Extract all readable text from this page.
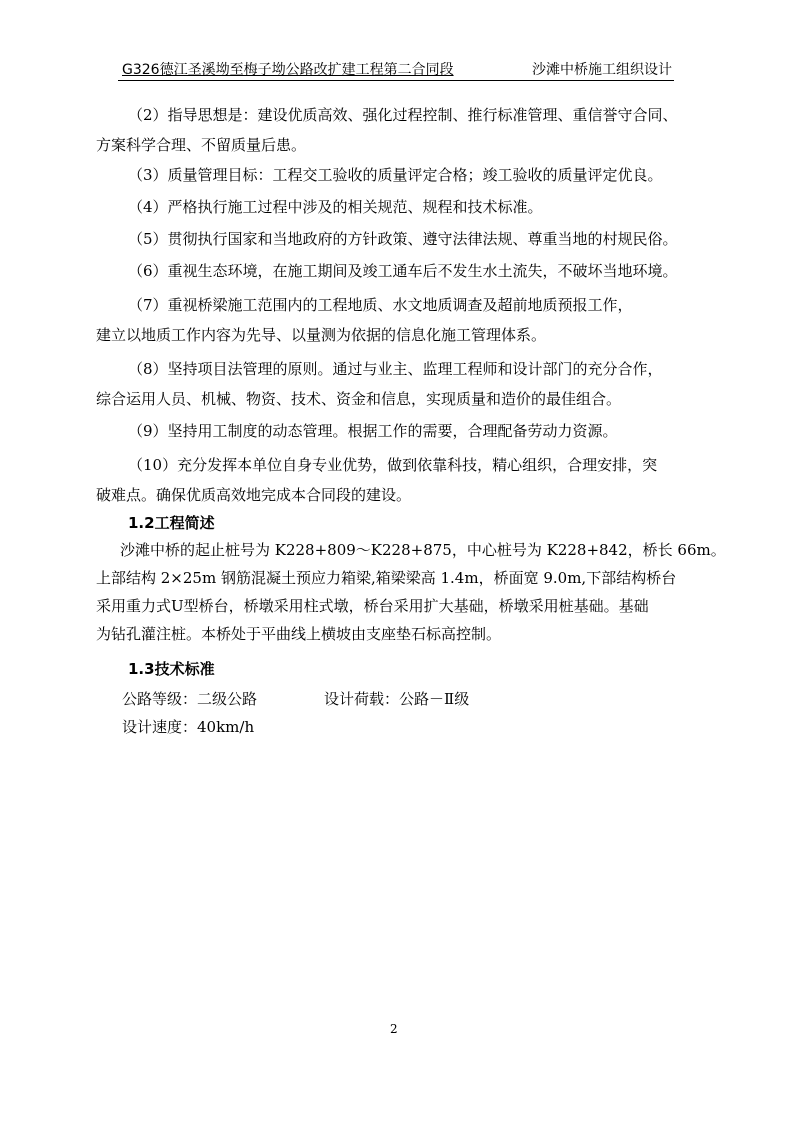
G326德江圣溪坳至梅子坳公路改扩建工程第二合同段	沙滩中桥施工组织设计
（2）指导思想是：建设优质高效、强化过程控制、推行标准管理、重信誉守合同、
方案科学合理、不留质量后患。
（3）质量管理目标：工程交工验收的质量评定合格；竣工验收的质量评定优良。
（4）严格执行施工过程中涉及的相关规范、规程和技术标准。
（5）贯彻执行国家和当地政府的方针政策、遵守法律法规、尊重当地的村规民俗。
（6）重视生态环境，在施工期间及竣工通车后不发生水土流失，不破坏当地环境。
（7）重视桥梁施工范围内的工程地质、水文地质调查及超前地质预报工作，
建立以地质工作内容为先导、以量测为依据的信息化施工管理体系。
（8）坚持项目法管理的原则。通过与业主、监理工程师和设计部门的充分合作，
综合运用人员、机械、物资、技术、资金和信息，实现质量和造价的最佳组合。
（9）坚持用工制度的动态管理。根据工作的需要，合理配备劳动力资源。
（10）充分发挥本单位自身专业优势，做到依靠科技，精心组织，合理安排，突
破难点。确保优质高效地完成本合同段的建设。
1.2工程简述
沙滩中桥的起止桩号为 K228+809～K228+875，中心桩号为 K228+842，桥长 66m。
上部结构 2×25m 钢筋混凝土预应力箱梁,箱梁梁高 1.4m，桥面宽 9.0m,下部结构桥台
采用重力式U型桥台，桥墩采用柱式墩，桥台采用扩大基础，桥墩采用桩基础。基础
为钻孔灌注桩。本桥处于平曲线上横坡由支座垫石标高控制。
1.3技术标准
公路等级：二级公路	设计荷载：公路－Ⅱ级
设计速度：40km/h
2
